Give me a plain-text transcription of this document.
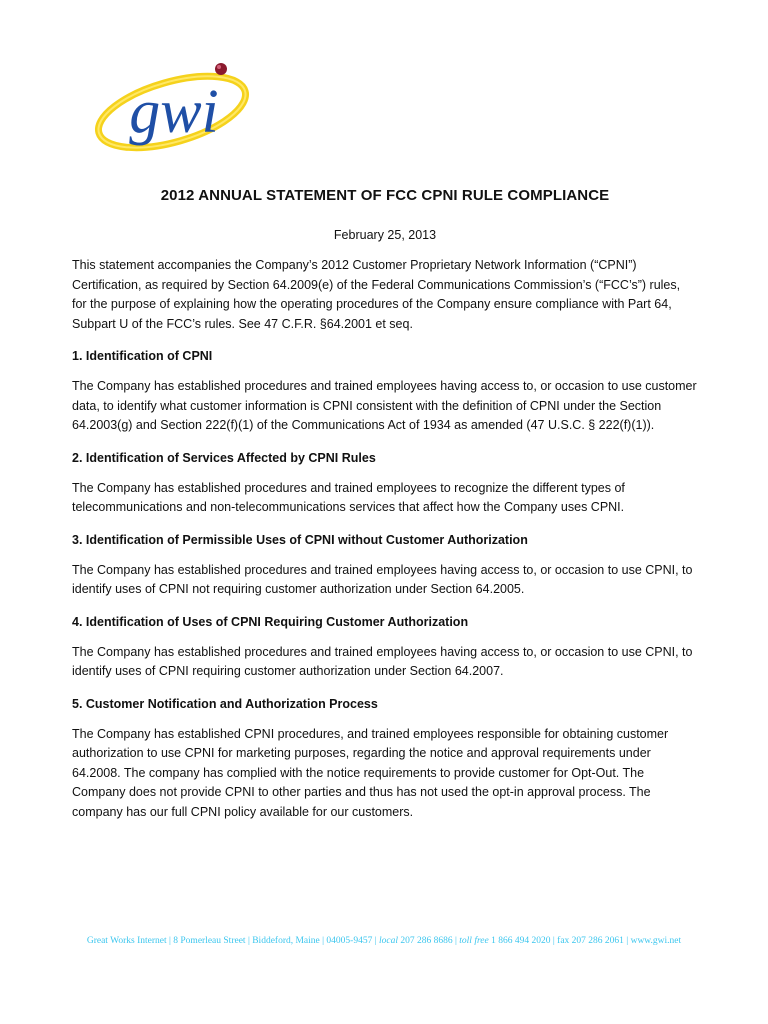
gwi
2012 ANNUAL STATEMENT OF FCC CPNI RULE COMPLIANCE
February 25, 2013

This statement accompanies the Company’s 2012 Customer Proprietary Network Information (“CPNI”) Certification, as required by Section 64.2009(e) of the Federal Communications Commission’s (“FCC’s”) rules, for the purpose of explaining how the operating procedures of the Company ensure compliance with Part 64, Subpart U of the FCC’s rules. See 47 C.F.R. §64.2001 et seq.

1. Identification of CPNI

The Company has established procedures and trained employees having access to, or occasion to use customer data, to identify what customer information is CPNI consistent with the definition of CPNI under the Section 64.2003(g) and Section 222(f)(1) of the Communications Act of 1934 as amended (47 U.S.C. § 222(f)(1)).

2. Identification of Services Affected by CPNI Rules

The Company has established procedures and trained employees to recognize the different types of telecommunications and non-telecommunications services that affect how the Company uses CPNI.

3. Identification of Permissible Uses of CPNI without Customer Authorization

The Company has established procedures and trained employees having access to, or occasion to use CPNI, to identify uses of CPNI not requiring customer authorization under Section 64.2005.

4. Identification of Uses of CPNI Requiring Customer Authorization

The Company has established procedures and trained employees having access to, or occasion to use CPNI, to identify uses of CPNI requiring customer authorization under Section 64.2007.

5. Customer Notification and Authorization Process

The Company has established CPNI procedures, and trained employees responsible for obtaining customer authorization to use CPNI for marketing purposes, regarding the notice and approval requirements under 64.2008. The company has complied with the notice requirements to provide customer for Opt-Out. The Company does not provide CPNI to other parties and thus has not used the opt-in approval process. The company has our full CPNI policy available for our customers.

Great Works Internet | 8 Pomerleau Street | Biddeford, Maine | 04005-9457 | local 207 286 8686 | toll free 1 866 494 2020 | fax 207 286 2061 | www.gwi.net
